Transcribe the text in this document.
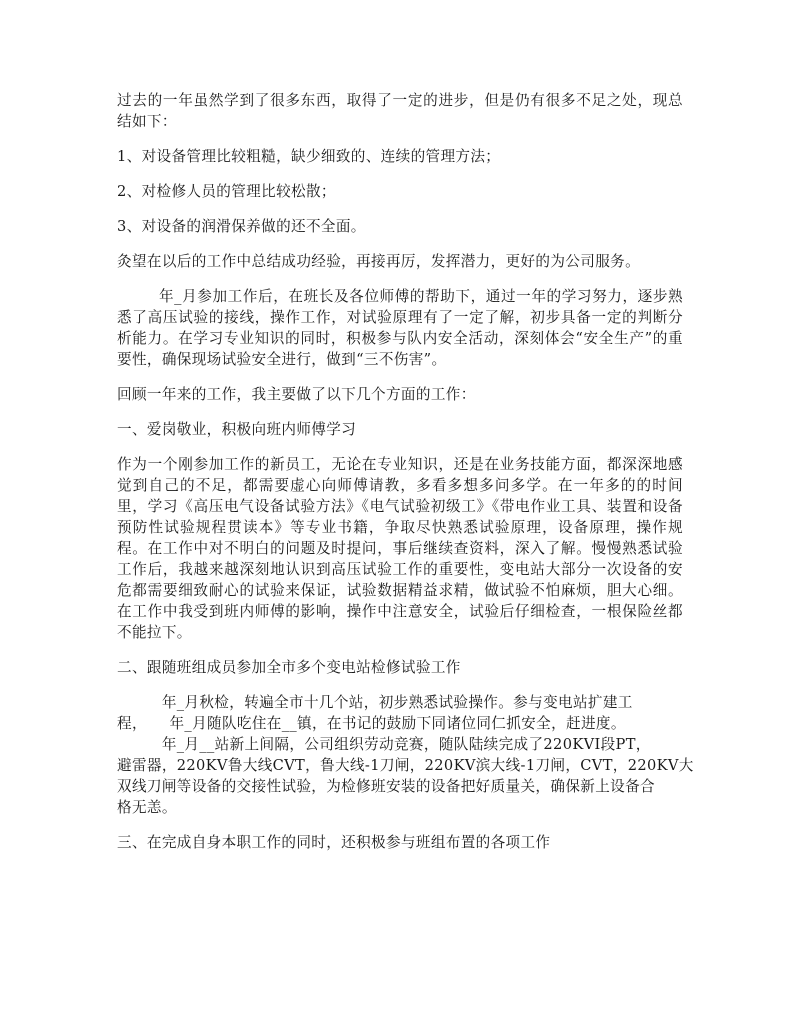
过去的一年虽然学到了很多东西，取得了一定的进步，但是仍有很多不足之处，现总结如下：

1、对设备管理比较粗糙，缺少细致的、连续的管理方法；

2、对检修人员的管理比较松散；

3、对设备的润滑保养做的还不全面。

灸望在以后的工作中总结成功经验，再接再厉，发挥潜力，更好的为公司服务。

年_月参加工作后，在班长及各位师傅的帮助下，通过一年的学习努力，逐步熟悉了高压试验的接线，操作工作，对试验原理有了一定了解，初步具备一定的判断分析能力。在学习专业知识的同时，积极参与队内安全活动，深刻体会“安全生产”的重要性，确保现场试验安全进行，做到“三不伤害”。

回顾一年来的工作，我主要做了以下几个方面的工作：

一、爱岗敬业，积极向班内师傅学习

作为一个刚参加工作的新员工，无论在专业知识，还是在业务技能方面，都深深地感觉到自己的不足，都需要虚心向师傅请教，多看多想多问多学。在一年多的的时间里，学习《高压电气设备试验方法》《电气试验初级工》《带电作业工具、装置和设备预防性试验规程贯读本》等专业书籍，争取尽快熟悉试验原理，设备原理，操作规程。在工作中对不明白的问题及时提问，事后继续查资料，深入了解。慢慢熟悉试验工作后，我越来越深刻地认识到高压试验工作的重要性，变电站大部分一次设备的安危都需要细致耐心的试验来保证，试验数据精益求精，做试验不怕麻烦，胆大心细。在工作中我受到班内师傅的影响，操作中注意安全，试验后仔细检查，一根保险丝都不能拉下。

二、跟随班组成员参加全市多个变电站检修试验工作

　　　年_月秋检，转遍全市十几个站，初步熟悉试验操作。参与变电站扩建工
程，　　年_月随队吃住在__镇，在书记的鼓励下同诸位同仁抓安全，赶进度。
　　　年_月__站新上间隔，公司组织劳动竞赛，随队陆续完成了220KVⅠ段PT，
避雷器，220KV鲁大线CVT，鲁大线-1刀闸，220KV滨大线-1刀闸，CVT，220KV大
双线刀闸等设备的交接性试验，为检修班安装的设备把好质量关，确保新上设备合
格无恙。

三、在完成自身本职工作的同时，还积极参与班组布置的各项工作
